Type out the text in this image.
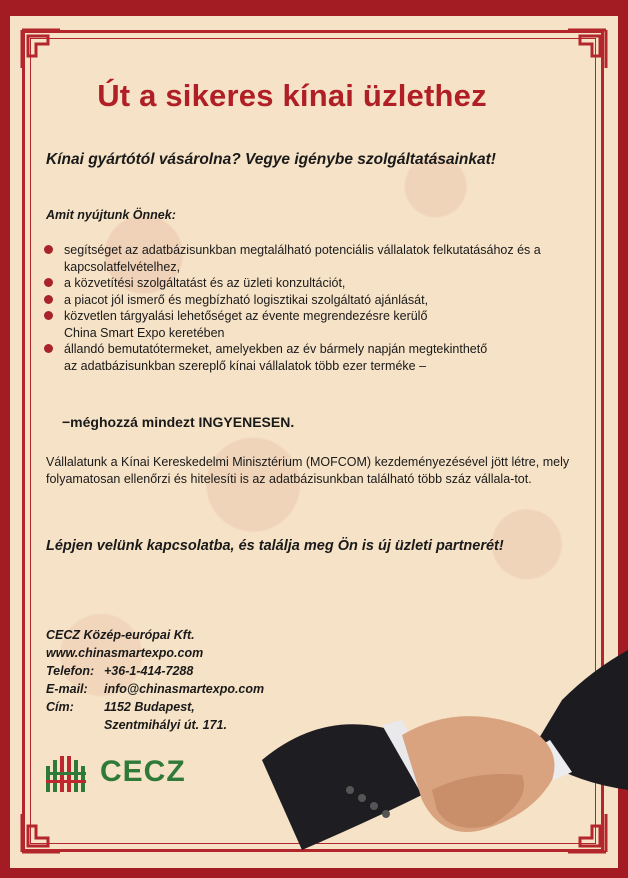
Út a sikeres kínai üzlethez
Kínai gyártótól vásárolna? Vegye igénybe szolgáltatásainkat!
Amit nyújtunk Önnek:
segítséget az adatbázisunkban megtalálható potenciális vállalatok felkutatásához és a
kapcsolatfelvételhez,
a közvetítési szolgáltatást és az üzleti konzultációt,
a piacot jól ismerő és megbízható logisztikai szolgáltató ajánlását,
közvetlen tárgyalási lehetőséget az évente megrendezésre kerülő
China Smart Expo keretében
állandó bemutatótermeket, amelyekben az év bármely napján megtekinthető
az adatbázisunkban szereplő kínai vállalatok több ezer terméke –
−méghozzá mindezt INGYENESEN.
Vállalatunk a Kínai Kereskedelmi Minisztérium (MOFCOM) kezdeményezésével jött létre, mely folyamatosan ellenőrzi és hitelesíti is az adatbázisunkban található több száz vállala-tot.
Lépjen velünk kapcsolatba, és találja meg Ön is új üzleti partnerét!
CECZ Közép-európai Kft.
www.chinasmartexpo.com
Telefon: +36-1-414-7288
E-mail: info@chinasmartexpo.com
Cím: 1152 Budapest,
Szentmihályi út. 171.
CECZ
